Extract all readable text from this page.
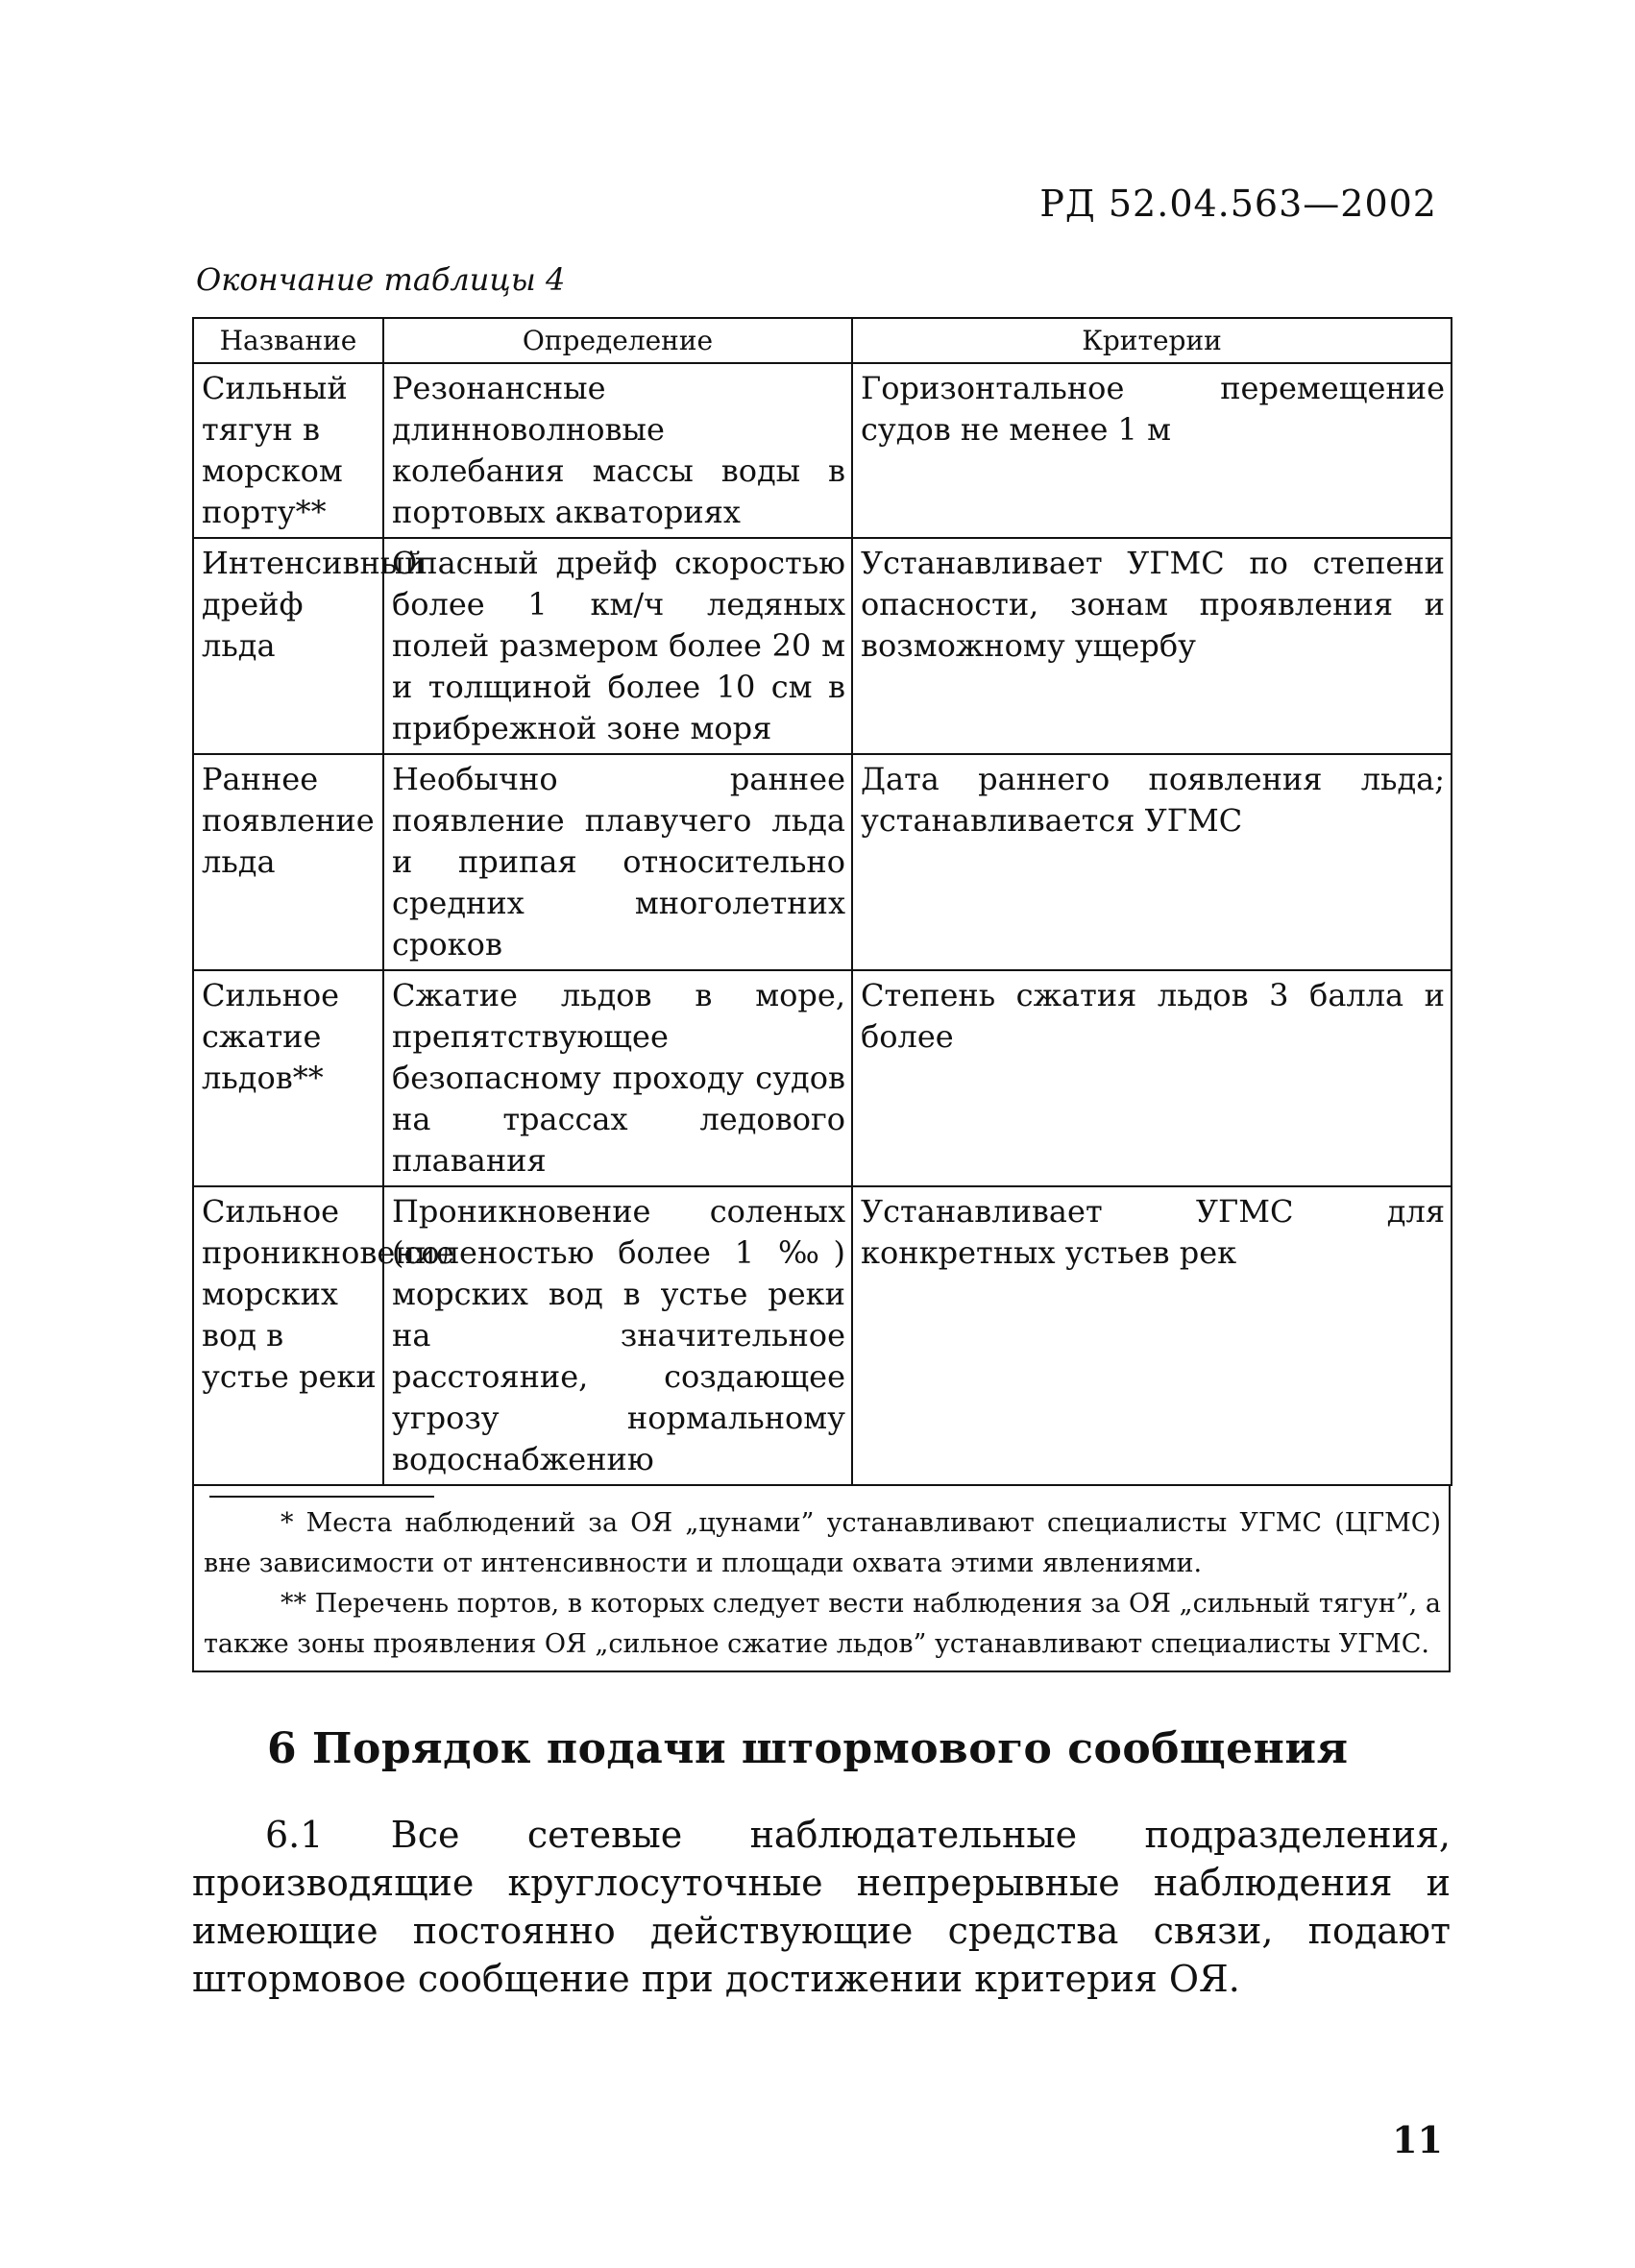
РД 52.04.563—2002
Окончание таблицы 4
Название	Определение	Критерии
Сильный тягун в морском порту**	Резонансные длинноволновые колебания массы воды в портовых акваториях	Горизонтальное перемещение судов не менее 1 м
Интенсивный дрейф льда	Опасный дрейф скоростью более 1 км/ч ледяных полей размером более 20 м и толщиной более 10 см в прибрежной зоне моря	Устанавливает УГМС по степени опасности, зонам проявления и возможному ущербу
Раннее появление льда	Необычно раннее появление плавучего льда и припая относительно средних многолетних сроков	Дата раннего появления льда; устанавливается УГМС
Сильное сжатие льдов**	Сжатие льдов в море, препятствующее безопасному проходу судов на трассах ледового плавания	Степень сжатия льдов 3 балла и более
Сильное проникновение морских вод в устье реки	Проникновение соленых (соленостью более 1 ‰) морских вод в устье реки на значительное расстояние, создающее угрозу нормальному водоснабжению	Устанавливает УГМС для конкретных устьев рек

* Места наблюдений за ОЯ „цунами” устанавливают специалисты УГМС (ЦГМС) вне зависимости от интенсивности и площади охвата этими явлениями.

** Перечень портов, в которых следует вести наблюдения за ОЯ „сильный тягун”, а также зоны проявления ОЯ „сильное сжатие льдов” устанавливают специалисты УГМС.

6 Порядок подачи штормового сообщения

6.1 Все сетевые наблюдательные подразделения, производящие круглосуточные непрерывные наблюдения и имеющие постоянно действующие средства связи, подают штормовое сообщение при достижении критерия ОЯ.

11
